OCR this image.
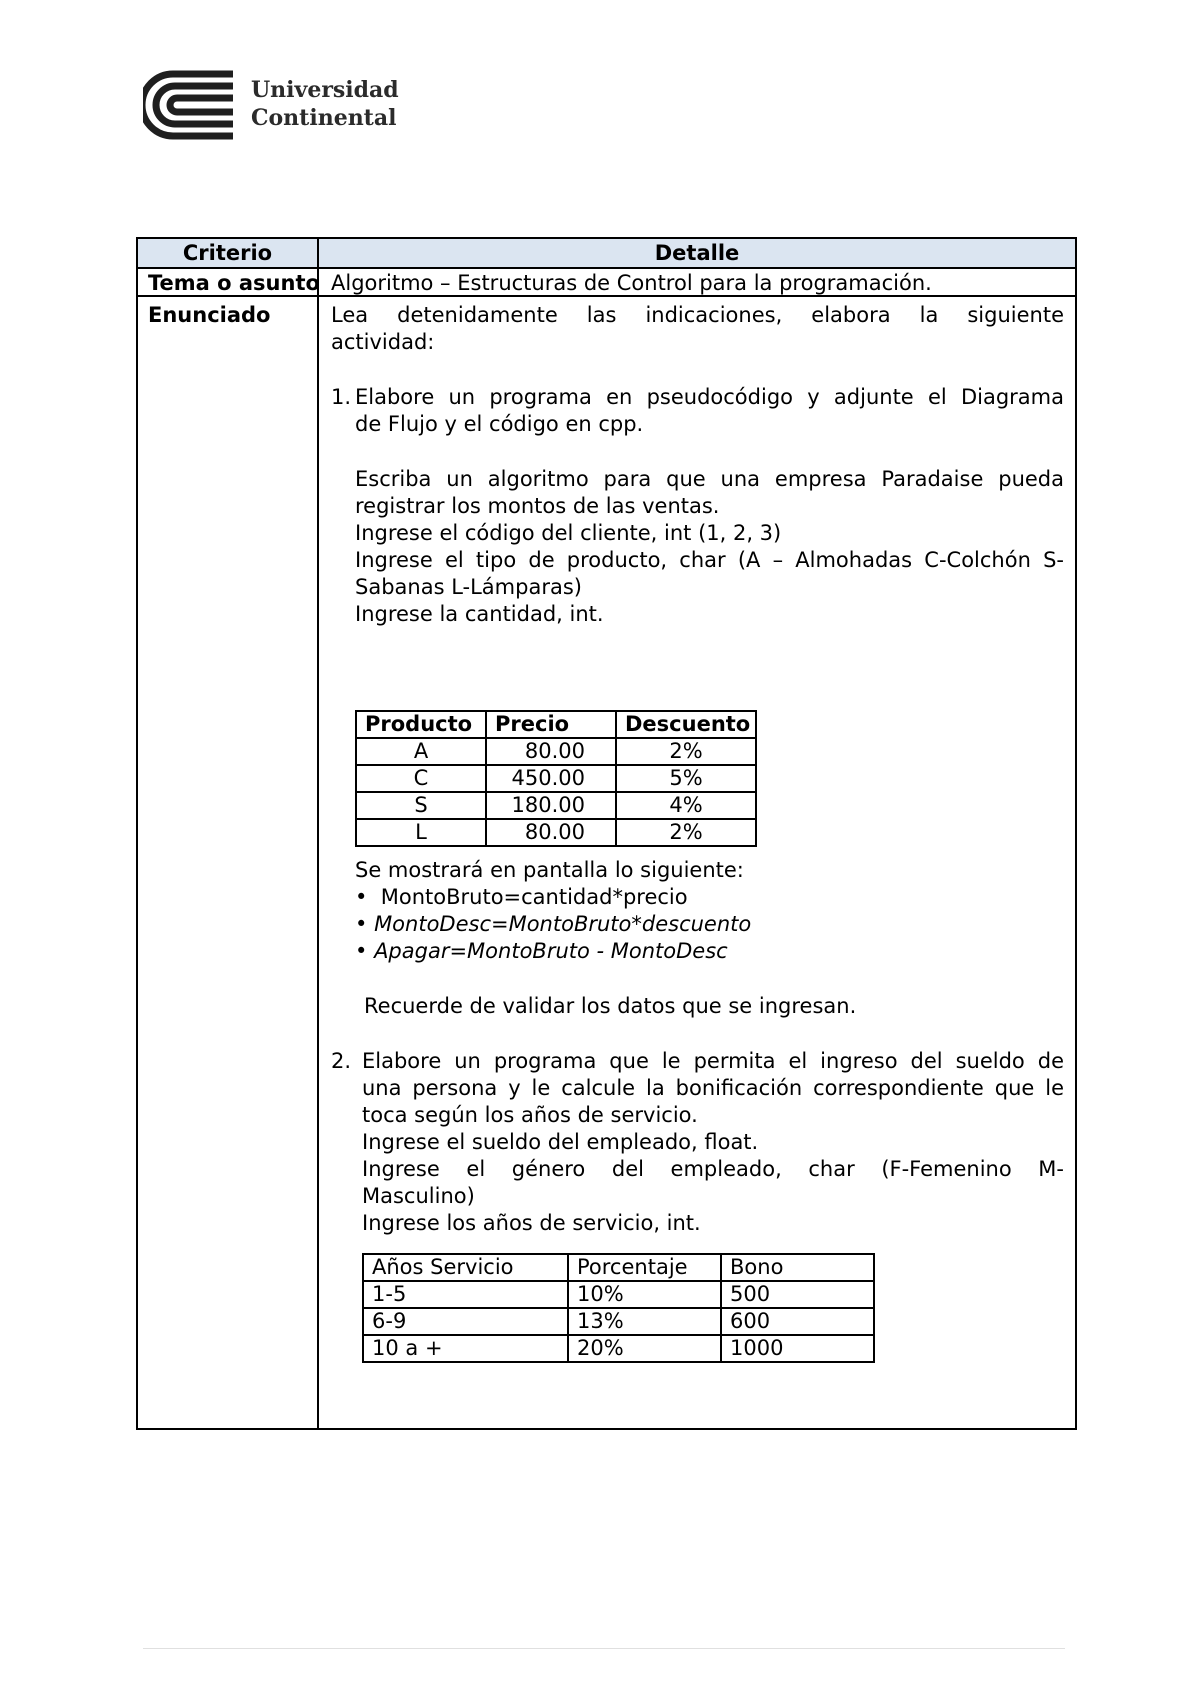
Universidad
Continental
Criterio	Detalle
Tema o asunto	Algoritmo – Estructuras de Control para la programación.
Enunciado	Lea detenidamente las indicaciones, elabora la siguiente
actividad:
1. Elabore un programa en pseudocódigo y adjunte el Diagrama
de Flujo y el código en cpp.
Escriba un algoritmo para que una empresa Paradaise pueda
registrar los montos de las ventas.
Ingrese el código del cliente, int (1, 2, 3)
Ingrese el tipo de producto, char (A – Almohadas C-Colchón S-
Sabanas L-Lámparas)
Ingrese la cantidad, int.
Producto	Precio	Descuento
A	80.00	2%
C	450.00	5%
S	180.00	4%
L	80.00	2%
Se mostrará en pantalla lo siguiente:
•  MontoBruto=cantidad*precio
• MontoDesc=MontoBruto*descuento
• Apagar=MontoBruto - MontoDesc
Recuerde de validar los datos que se ingresan.
2. Elabore un programa que le permita el ingreso del sueldo de
una persona y le calcule la bonificación correspondiente que le
toca según los años de servicio.
Ingrese el sueldo del empleado, float.
Ingrese el género del empleado, char (F-Femenino M-
Masculino)
Ingrese los años de servicio, int.
Años Servicio	Porcentaje	Bono
1-5	10%	500
6-9	13%	600
10 a +	20%	1000
